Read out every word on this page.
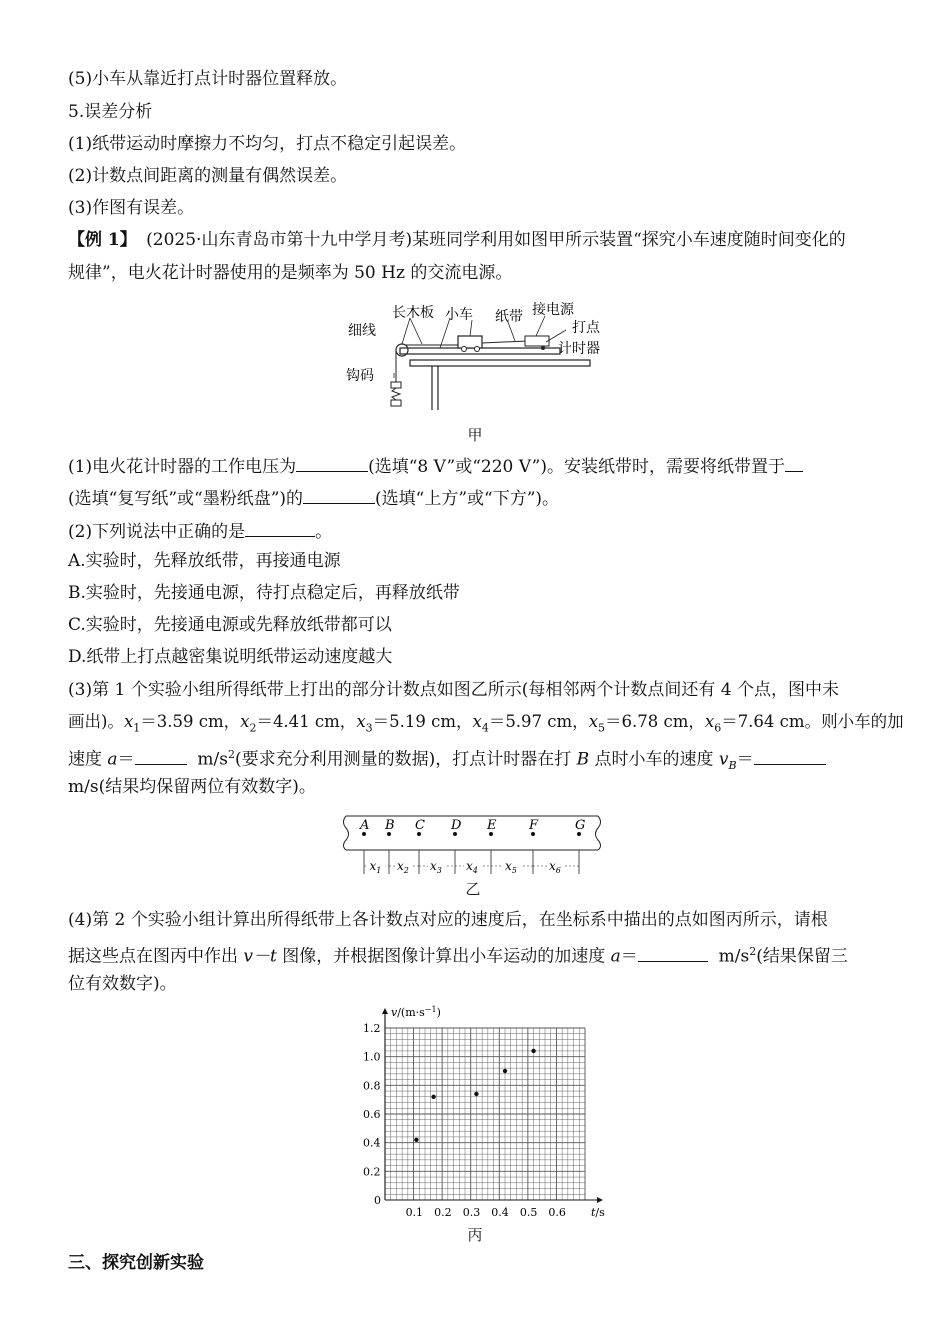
(5)小车从靠近打点计时器位置释放。
5.误差分析
(1)纸带运动时摩擦力不均匀，打点不稳定引起误差。
(2)计数点间距离的测量有偶然误差。
(3)作图有误差。
【例 1】 (2025·山东青岛市第十九中学月考)某班同学利用如图甲所示装置“探究小车速度随时间变化的
规律”，电火花计时器使用的是频率为 50 Hz 的交流电源。
细线
长木板 小车 纸带 接电源
打点
计时器
钩码
甲
(1)电火花计时器的工作电压为	(选填“8 V”或“220 V”)。安装纸带时，需要将纸带置于
(选填“复写纸”或“墨粉纸盘”)的	(选填“上方”或“下方”)。
(2)下列说法中正确的是	。
A.实验时，先释放纸带，再接通电源
B.实验时，先接通电源，待打点稳定后，再释放纸带
C.实验时，先接通电源或先释放纸带都可以
D.纸带上打点越密集说明纸带运动速度越大
(3)第 1 个实验小组所得纸带上打出的部分计数点如图乙所示(每相邻两个计数点间还有 4 个点，图中未
画出)。$x_1=3.59$ cm，$x_2=4.41$ cm，$x_3=5.19$ cm，$x_4=5.97$ cm，$x_5=6.78$ cm，$x_6=7.64$ cm。则小车的加
速度 a＝	$m/s^2$(要求充分利用测量的数据)，打点计时器在打 B 点时小车的速度 $v_B=$
m/s(结果均保留两位有效数字)。
A B C D E	F	G
$x_1$ $x_2$ $x_3$ $x_4$ $x_5$	$x_6$
乙
(4)第 2 个实验小组计算出所得纸带上各计数点对应的速度后，在坐标系中描出的点如图丙所示，请根
据这些点在图丙中作出 v－t 图像，并根据图像计算出小车运动的加速度 a＝	$m/s^2$(结果保留三
位有效数字)。
0.1 0.2 0.3 0.4 0.5 0.6
0.2
0.4
0.6
0.8
1.0
1.2
0
$v/(m\cdot s^{-1})$
t/s
丙
三、探究创新实验
